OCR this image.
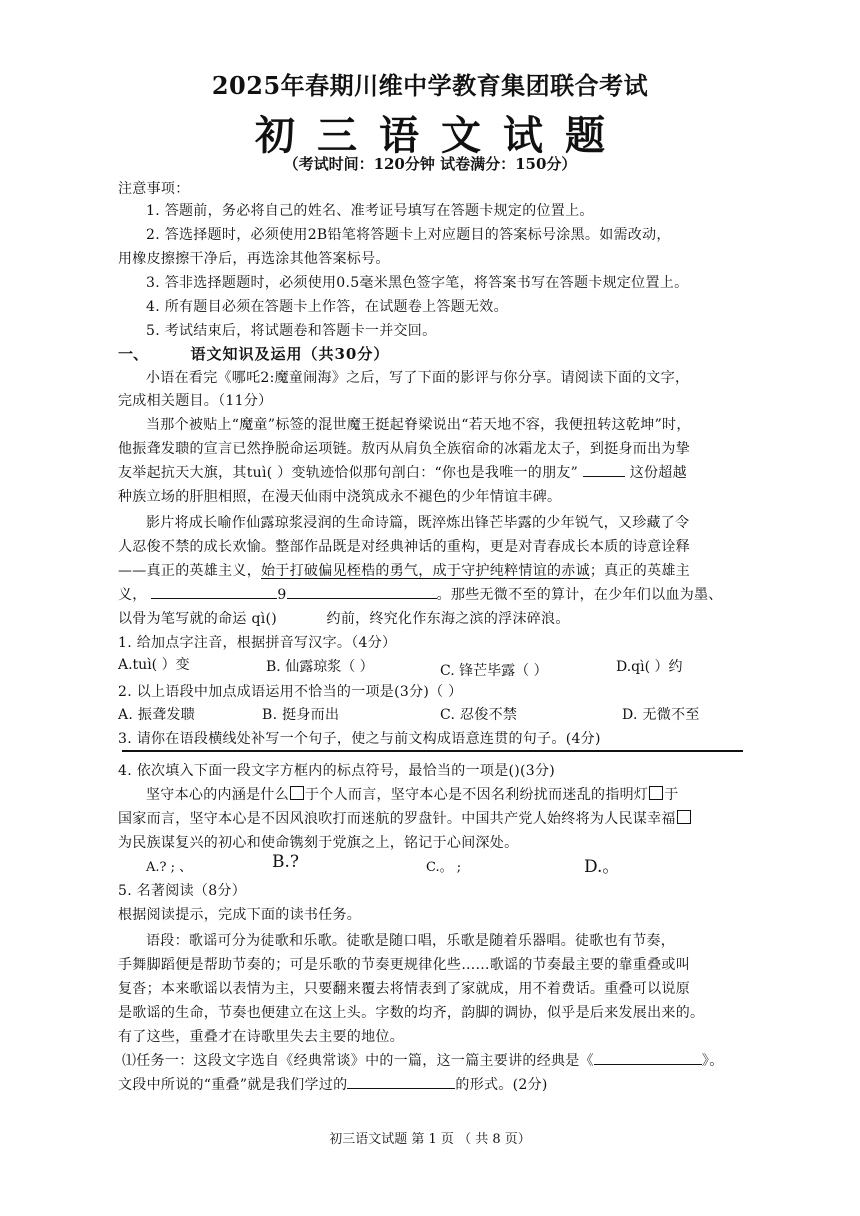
2025年春期川维中学教育集团联合考试
初三语文试题
（考试时间：120分钟 试卷满分：150分）
注意事项：
1. 答题前，务必将自己的姓名、准考证号填写在答题卡规定的位置上。
2. 答选择题时，必须使用2B铅笔将答题卡上对应题目的答案标号涂黑。如需改动，
用橡皮擦擦干净后，再选涂其他答案标号。
3. 答非选择题题时，必须使用0.5毫米黑色签字笔，将答案书写在答题卡规定位置上。
4. 所有题目必须在答题卡上作答，在试题卷上答题无效。
5. 考试结束后，将试题卷和答题卡一并交回。
一、	语文知识及运用（共30分）
小语在看完《哪吒2:魔童闹海》之后，写了下面的影评与你分享。请阅读下面的文字，
完成相关题目。（11分）
当那个被贴上“魔童”标签的混世魔王挺起脊梁说出“若天地不容，我便扭转这乾坤”时，
他振聋发聩的宣言已然挣脱命运项链。敖丙从肩负全族宿命的冰霜龙太子，到挺身而出为挚
友举起抗天大旗，其tuì( ）变轨迹恰似那句剖白：“你也是我唯一的朋友”	这份超越
种族立场的肝胆相照，在漫天仙雨中浇筑成永不褪色的少年情谊丰碑。
影片将成长喻作仙露琼浆浸润的生命诗篇，既淬炼出锋芒毕露的少年锐气，又珍藏了令
人忍俊不禁的成长欢愉。整部作品既是对经典神话的重构，更是对青春成长本质的诗意诠释
——真正的英雄主义，始于打破偏见桎梏的勇气，成于守护纯粹情谊的赤诚；真正的英雄主
义，	9	。那些无微不至的算计，在少年们以血为墨、
以骨为笔写就的命运 qì()	约前，终究化作东海之滨的浮沫碎浪。
1. 给加点字注音，根据拼音写汉字。（4分）
A.tuì( ）变	B. 仙露琼浆（ ）	C. 锋芒毕露（ ）	D.qì( ）约
2. 以上语段中加点成语运用不恰当的一项是(3分)（ ）
A. 振聋发聩	B. 挺身而出	C. 忍俊不禁	D. 无微不至
3. 请你在语段横线处补写一个句子，使之与前文构成语意连贯的句子。(4分)
4. 依次填入下面一段文字方框内的标点符号，最恰当的一项是()(3分)
坚守本心的内涵是什么 于个人而言，坚守本心是不因名利纷扰而迷乱的指明灯 于
国家而言，坚守本心是不因风浪吹打而迷航的罗盘针。中国共产党人始终将为人民谋幸福
为民族谋复兴的初心和使命镌刻于党旗之上，铭记于心间深处。
A.? ; 、	B.?	C.。 ;	D.。
5. 名著阅读（8分）
根据阅读提示，完成下面的读书任务。
语段：歌谣可分为徒歌和乐歌。徒歌是随口唱，乐歌是随着乐器唱。徒歌也有节奏，
手舞脚蹈便是帮助节奏的；可是乐歌的节奏更规律化些……歌谣的节奏最主要的靠重叠或叫
复沓；本来歌谣以表情为主，只要翻来覆去将情表到了家就成，用不着费话。重叠可以说原
是歌谣的生命，节奏也便建立在这上头。字数的均齐，韵脚的调协，似乎是后来发展出来的。
有了这些，重叠才在诗歌里失去主要的地位。
⑴任务一：这段文字选自《经典常谈》中的一篇，这一篇主要讲的经典是《	》。
文段中所说的“重叠”就是我们学过的	的形式。(2分)
初三语文试题 第 1 页 （ 共 8 页）
